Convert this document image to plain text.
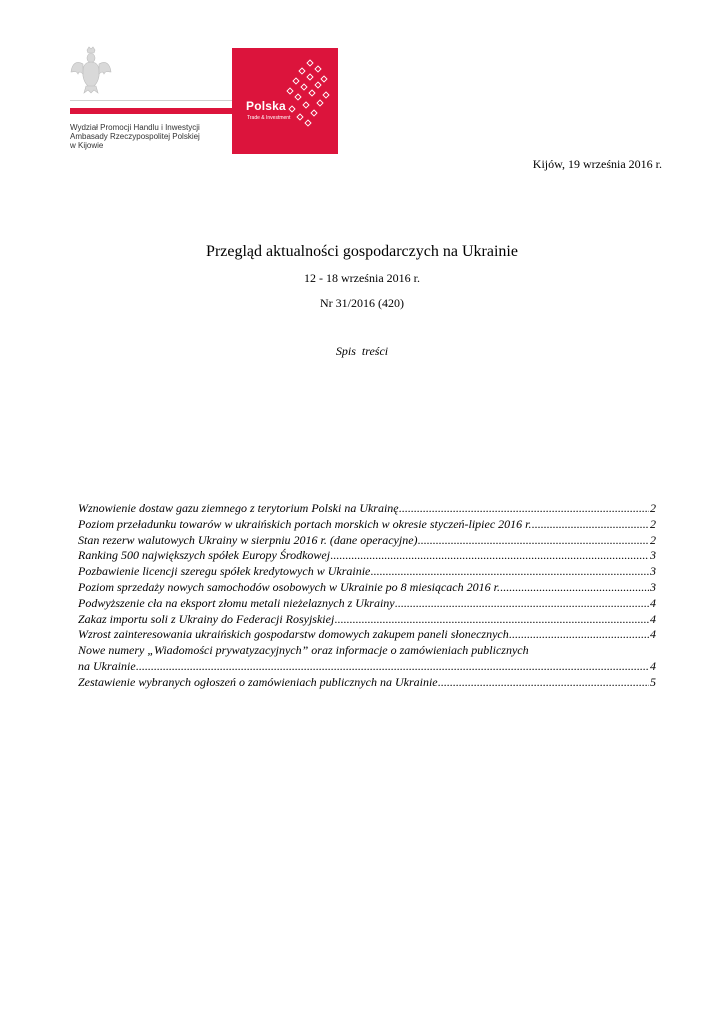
Polska
Trade & Investment
Wydział Promocji Handlu i Inwestycji
Ambasady Rzeczypospolitej Polskiej
w Kijowie
Kijów, 19 września 2016 r.
Przegląd aktualności gospodarczych na Ukrainie
12 - 18 września 2016 r.
Nr 31/2016 (420)
Spis treści
Wznowienie dostaw gazu ziemnego z terytorium Polski na Ukrainę .....	2
Poziom przeładunku towarów w ukraińskich portach morskich w okresie styczeń-lipiec 2016 r. .....	2
Stan rezerw walutowych Ukrainy w sierpniu 2016 r. (dane operacyjne) .....	2
Ranking 500 największych spółek Europy Środkowej .....	3
Pozbawienie licencji szeregu spółek kredytowych w Ukrainie .....	3
Poziom sprzedaży nowych samochodów osobowych w Ukrainie po 8 miesiącach 2016 r. .....	3
Podwyższenie cła na eksport złomu metali nieżelaznych z Ukrainy .....	4
Zakaz importu soli z Ukrainy do Federacji Rosyjskiej .....	4
Wzrost zainteresowania ukraińskich gospodarstw domowych zakupem paneli słonecznych .....	4
Nowe numery „Wiadomości prywatyzacyjnych” oraz informacje o zamówieniach publicznych
na Ukrainie .....	4
Zestawienie wybranych ogłoszeń o zamówieniach publicznych na Ukrainie .....	5
